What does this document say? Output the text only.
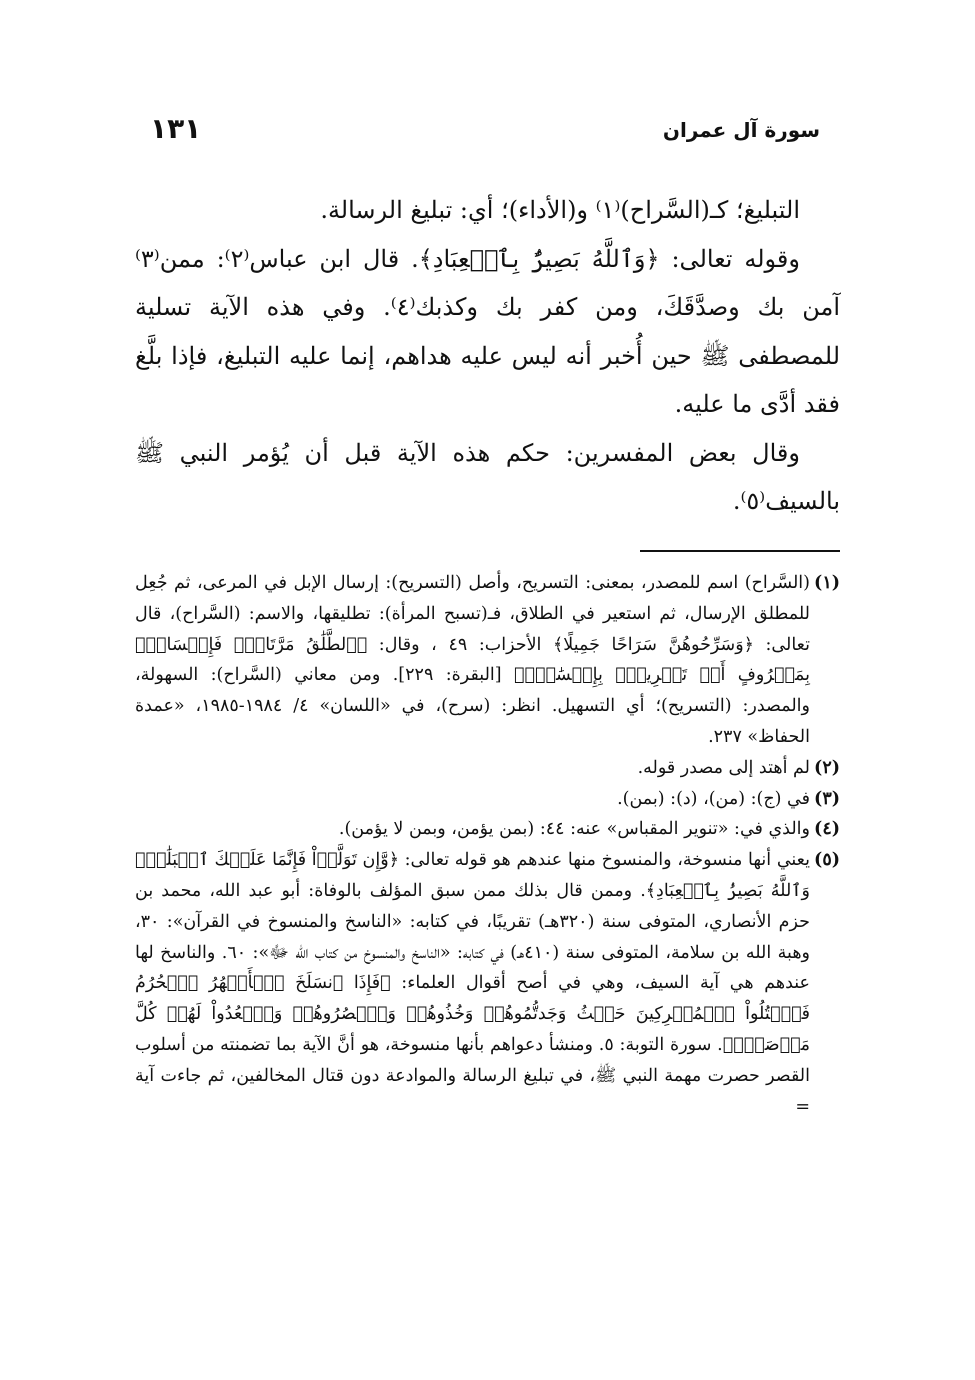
سورة آل عمران
١٣١

التبليغ؛ كـ(السَّراح)⁽١⁾ و(الأداء)؛ أي: تبليغ الرسالة.

وقوله تعالى: ﴿وَٱللَّهُ بَصِيرٌۢ بِٱلۡعِبَادِ﴾. قال ابن عباس⁽٢⁾: ممن⁽٣⁾ آمن بك وصدَّقَكَ، ومن كفر بك وكذبك⁽٤⁾. وفي هذه الآية تسلية للمصطفى ﷺ حين أُخبر أنه ليس عليه هداهم، إنما عليه التبليغ، فإذا بلَّغ فقد أدَّى ما عليه.

وقال بعض المفسرين: حكم هذه الآية قبل أن يُؤمر النبي ﷺ بالسيف⁽٥⁾.

(١)
(السَّراح) اسم للمصدر، بمعنى: التسريح، وأصل (التسريح): إرسال الإبل في المرعى، ثم جُعِل للمطلق الإرسال، ثم استعير في الطلاق، فـ(تسبح المرأة): تطليقها، والاسم: (السَّراح)، قال تعالى: ﴿وَسَرِّحُوهُنَّ سَرَاحًا جَمِيلًا﴾ الأحزاب: ٤٩ ، وقال: ﴿ٱلطَّلَٰقُ مَرَّتَانِۖ فَإِمۡسَاكُۢ بِمَعۡرُوفٍ أَوۡ تَسۡرِيحُۢ بِإِحۡسَٰنٖۗ﴾ [البقرة: ٢٢٩]. ومن معاني (السَّراح): السهولة، والمصدر: (التسريح)؛ أي التسهيل. انظر: (سرح)، في «اللسان» ٤/ ١٩٨٤-١٩٨٥، «عمدة الحفاظ» ٢٣٧.
(٢)
لم أهتد إلى مصدر قوله.
(٣)
في (ج): (من)، (د): (بمن).
(٤)
والذي في: «تنوير المقباس» عنه: ٤٤: (بمن يؤمن، وبمن لا يؤمن).
(٥)
يعني أنها منسوخة، والمنسوخ منها عندهم هو قوله تعالى: ﴿وَّإِن تَوَلَّوۡاْ فَإِنَّمَا عَلَيۡكَ ٱلۡبَلَٰغُۗ وَٱللَّهُ بَصِيرُۢ بِٱلۡعِبَادِ﴾. وممن قال بذلك ممن سبق المؤلف بالوفاة: أبو عبد الله، محمد بن حزم الأنصاري، المتوفى سنة (٣٢٠هـ) تقريبًا، في كتابه: «الناسخ والمنسوخ في القرآن»: ٣٠، وهبة الله بن سلامة، المتوفى سنة (٤١٠هـ) في كتابه: «الناسخ والمنسوخ من كتاب الله ﷻ»: ٦٠. والناسخ لها عندهم هي آية السيف، وهي في أصح أقوال العلماء: ﴿فَإِذَا ٱنسَلَخَ ٱلۡأَشۡهُرُ ٱلۡحُرُمُ فَٱقۡتُلُواْ ٱلۡمُشۡرِكِينَ حَيۡثُ وَجَدتُّمُوهُمۡ وَخُذُوهُمۡ وَٱحۡصُرُوهُمۡ وَٱقۡعُدُواْ لَهُمۡ كُلَّ مَرۡصَدٖۚ﴾. سورة التوبة: ٥. ومنشأ دعواهم بأنها منسوخة، هو أنَّ الآية بما تضمنته من أسلوب القصر حصرت مهمة النبي ﷺ، في تبليغ الرسالة والموادعة دون قتال المخالفين، ثم جاءت آية =
